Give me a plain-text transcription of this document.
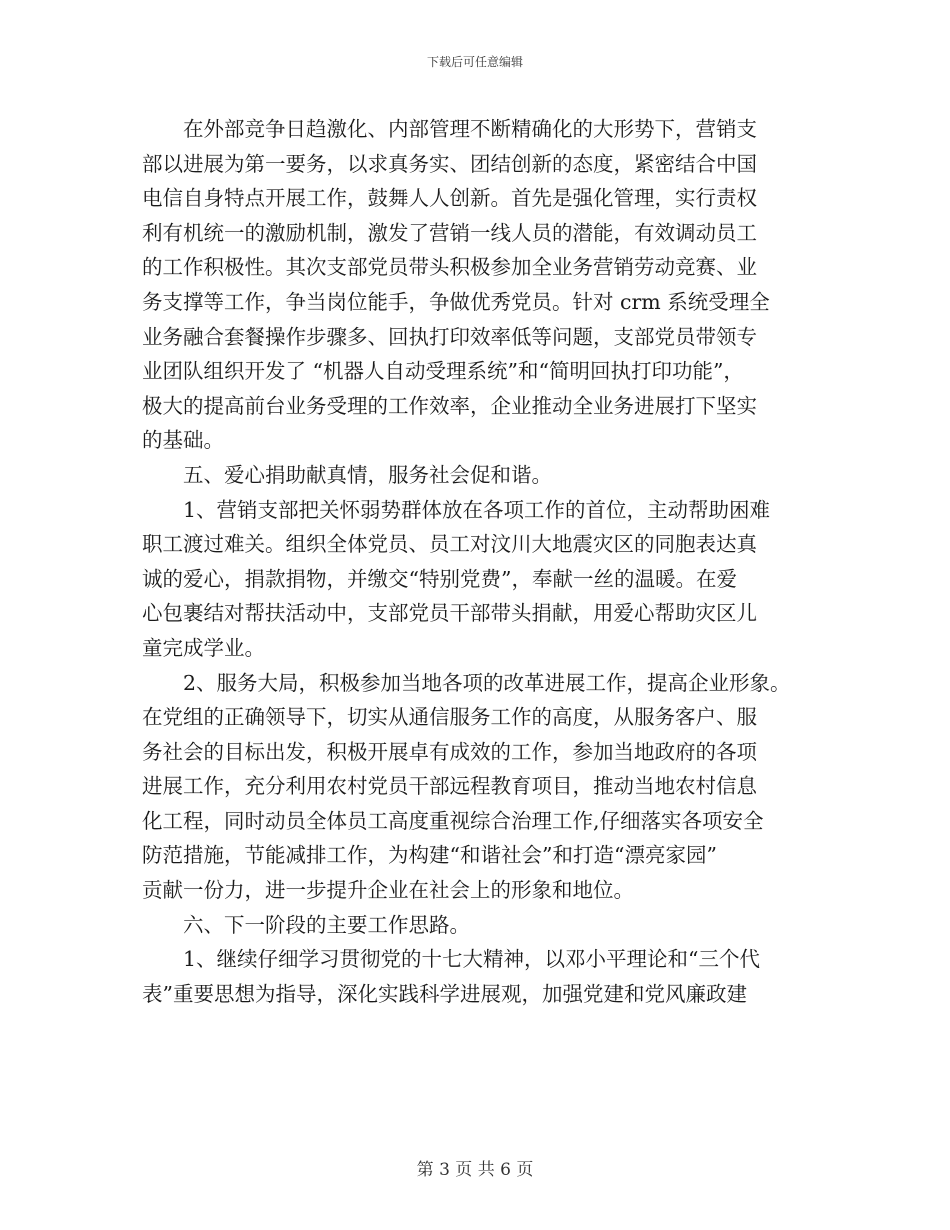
下载后可任意编辑
　　在外部竞争日趋激化、内部管理不断精确化的大形势下，营销支
部以进展为第一要务，以求真务实、团结创新的态度，紧密结合中国
电信自身特点开展工作，鼓舞人人创新。首先是强化管理，实行责权
利有机统一的激励机制，激发了营销一线人员的潜能，有效调动员工
的工作积极性。其次支部党员带头积极参加全业务营销劳动竞赛、业
务支撑等工作，争当岗位能手，争做优秀党员。针对 crm 系统受理全
业务融合套餐操作步骤多、回执打印效率低等问题，支部党员带领专
业团队组织开发了 “机器人自动受理系统”和“简明回执打印功能”，
极大的提高前台业务受理的工作效率，企业推动全业务进展打下坚实
的基础。
　　五、爱心捐助献真情，服务社会促和谐。
　　1、营销支部把关怀弱势群体放在各项工作的首位，主动帮助困难
职工渡过难关。组织全体党员、员工对汶川大地震灾区的同胞表达真
诚的爱心，捐款捐物，并缴交“特别党费”，奉献一丝的温暖。在爱
心包裹结对帮扶活动中，支部党员干部带头捐献，用爱心帮助灾区儿
童完成学业。
　　2、服务大局，积极参加当地各项的改革进展工作，提高企业形象。
在党组的正确领导下，切实从通信服务工作的高度，从服务客户、服
务社会的目标出发，积极开展卓有成效的工作，参加当地政府的各项
进展工作，充分利用农村党员干部远程教育项目，推动当地农村信息
化工程，同时动员全体员工高度重视综合治理工作,仔细落实各项安全
防范措施，节能减排工作，为构建“和谐社会”和打造“漂亮家园”
贡献一份力，进一步提升企业在社会上的形象和地位。
　　六、下一阶段的主要工作思路。
　　1、继续仔细学习贯彻党的十七大精神，以邓小平理论和“三个代
表”重要思想为指导，深化实践科学进展观，加强党建和党风廉政建
第 3 页 共 6 页
